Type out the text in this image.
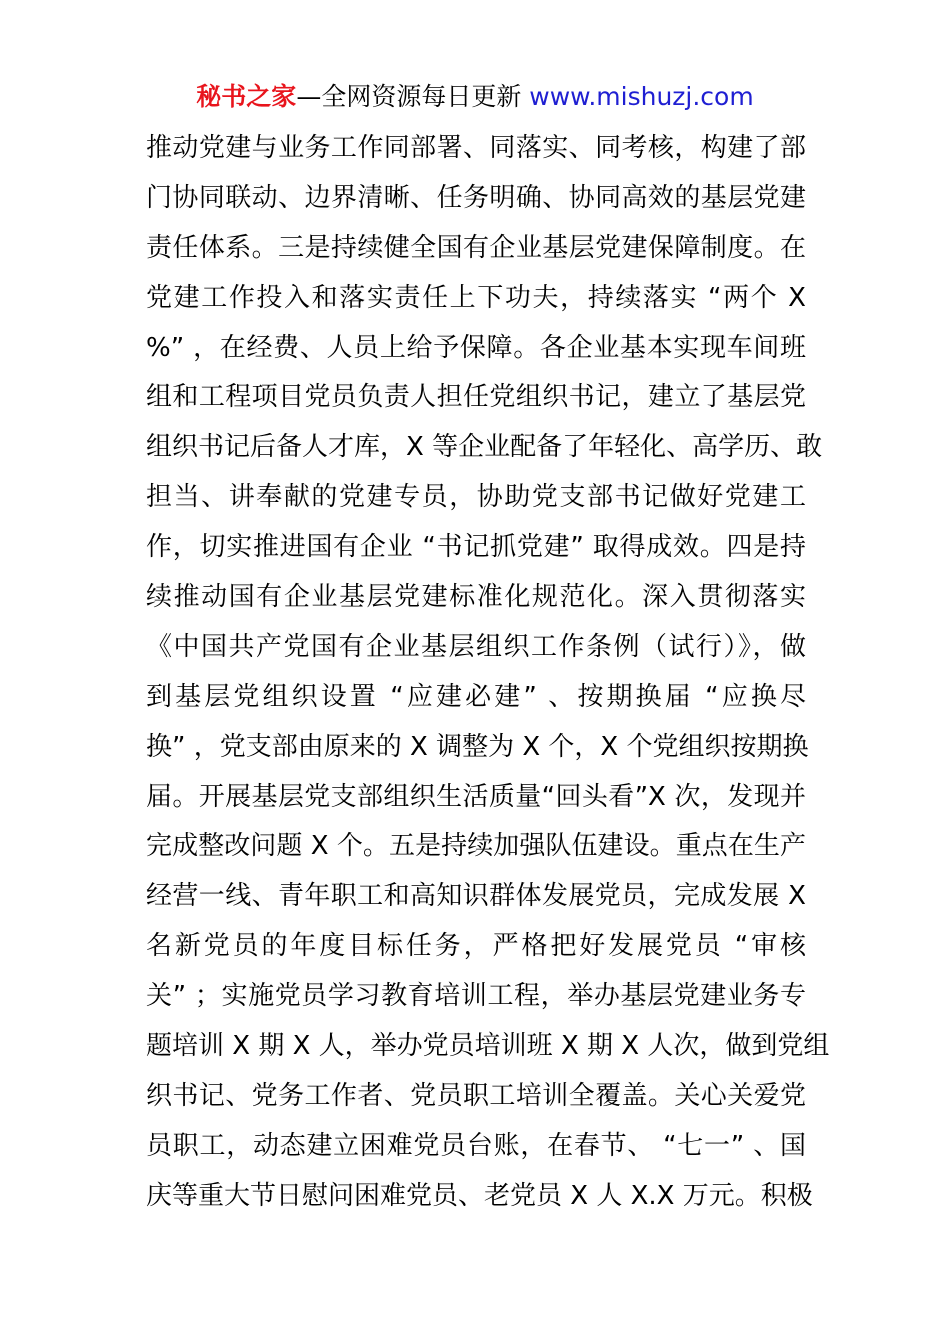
秘书之家—全网资源每日更新 www.mishuzj.com
推动党建与业务工作同部署、同落实、同考核，构建了部
门协同联动、边界清晰、任务明确、协同高效的基层党建
责任体系。三是持续健全国有企业基层党建保障制度。在
党建工作投入和落实责任上下功夫，持续落实 “两个 X
%” ，在经费、人员上给予保障。各企业基本实现车间班
组和工程项目党员负责人担任党组织书记，建立了基层党
组织书记后备人才库，X 等企业配备了年轻化、高学历、敢
担当、讲奉献的党建专员，协助党支部书记做好党建工
作，切实推进国有企业 “书记抓党建” 取得成效。四是持
续推动国有企业基层党建标准化规范化。深入贯彻落实
《中国共产党国有企业基层组织工作条例（试行）》，做
到基层党组织设置 “应建必建” 、按期换届 “应换尽
换” ，党支部由原来的 X 调整为 X 个，X 个党组织按期换
届。开展基层党支部组织生活质量“回头看”X 次，发现并
完成整改问题 X 个。五是持续加强队伍建设。重点在生产
经营一线、青年职工和高知识群体发展党员，完成发展 X
名新党员的年度目标任务，严格把好发展党员 “审核
关” ；实施党员学习教育培训工程，举办基层党建业务专
题培训 X 期 X 人，举办党员培训班 X 期 X 人次，做到党组
织书记、党务工作者、党员职工培训全覆盖。关心关爱党
员职工，动态建立困难党员台账，在春节、 “七一” 、国
庆等重大节日慰问困难党员、老党员 X 人 X.X 万元。积极
